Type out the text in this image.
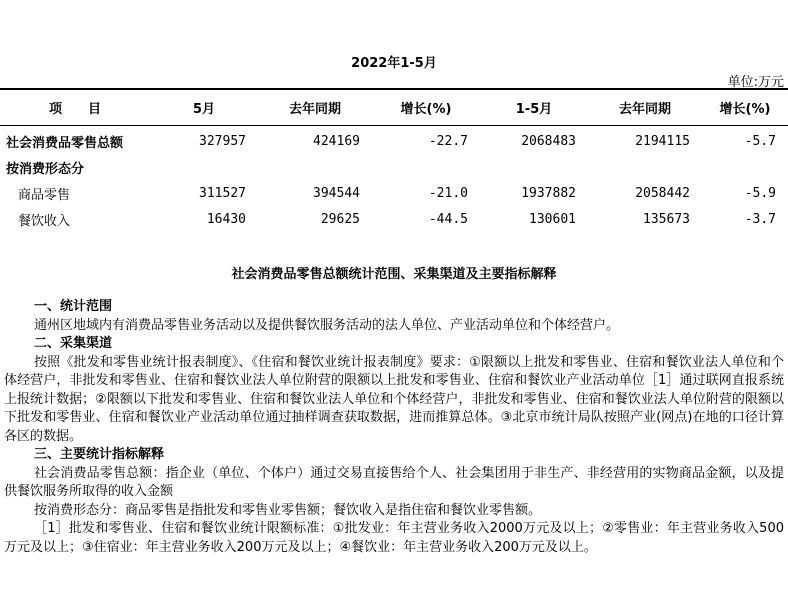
2022年1-5月
单位:万元
项　　目	5月	去年同期	增长(%)	1-5月	去年同期	增长(%)
社会消费品零售总额	327957	424169	-22.7	2068483	2194115	-5.7
按消费形态分						
商品零售	311527	394544	-21.0	1937882	2058442	-5.9
餐饮收入	16430	29625	-44.5	130601	135673	-3.7
社会消费品零售总额统计范围、采集渠道及主要指标解释
一、统计范围
通州区地域内有消费品零售业务活动以及提供餐饮服务活动的法人单位、产业活动单位和个体经营户。
二、采集渠道
按照《批发和零售业统计报表制度》、《住宿和餐饮业统计报表制度》要求：①限额以上批发和零售业、住宿和餐饮业法人单位和个体经营户，非批发和零售业、住宿和餐饮业法人单位附营的限额以上批发和零售业、住宿和餐饮业产业活动单位［1］通过联网直报系统上报统计数据；②限额以下批发和零售业、住宿和餐饮业法人单位和个体经营户，非批发和零售业、住宿和餐饮业法人单位附营的限额以下批发和零售业、住宿和餐饮业产业活动单位通过抽样调查获取数据，进而推算总体。③北京市统计局队按照产业(网点)在地的口径计算各区的数据。
三、主要统计指标解释
社会消费品零售总额：指企业（单位、个体户）通过交易直接售给个人、社会集团用于非生产、非经营用的实物商品金额，以及提供餐饮服务所取得的收入金额
按消费形态分：商品零售是指批发和零售业零售额；餐饮收入是指住宿和餐饮业零售额。
［1］批发和零售业、住宿和餐饮业统计限额标准：①批发业：年主营业务收入2000万元及以上；②零售业：年主营业务收入500万元及以上；③住宿业：年主营业务收入200万元及以上；④餐饮业：年主营业务收入200万元及以上。
